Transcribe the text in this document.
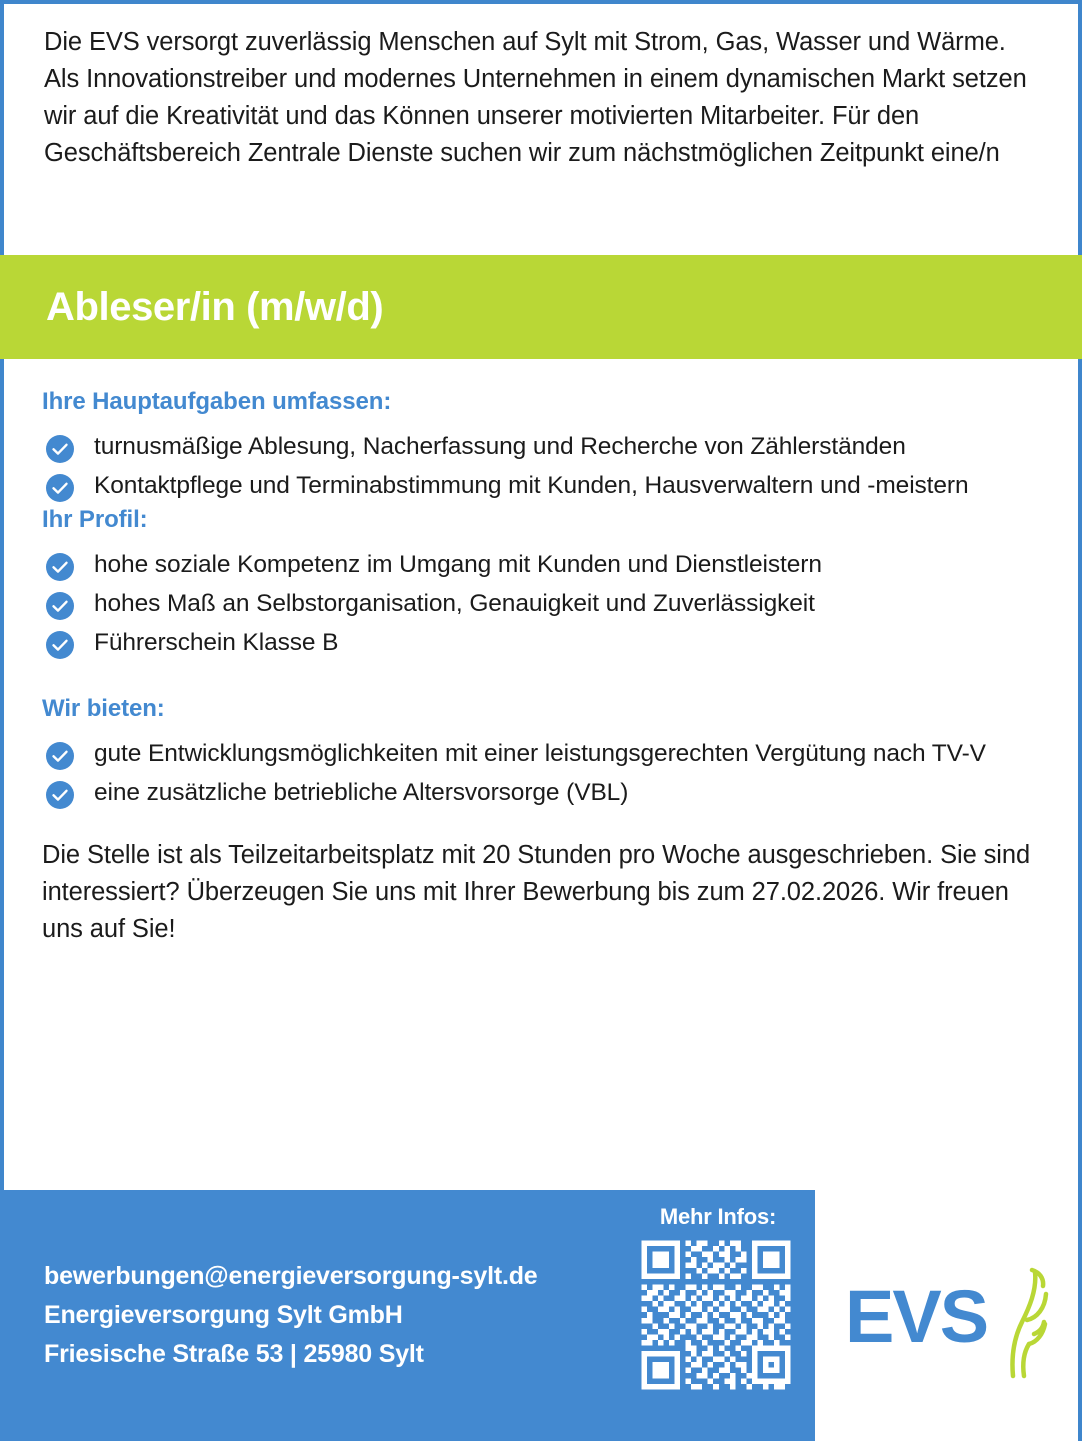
Die EVS versorgt zuverlässig Menschen auf Sylt mit Strom, Gas, Wasser und Wärme. Als Innovationstreiber und modernes Unternehmen in einem dynamischen Markt setzen wir auf die Kreativität und das Können unserer motivierten Mitarbeiter. Für den Geschäftsbereich Zentrale Dienste suchen wir zum nächstmöglichen Zeitpunkt eine/n
Ableser/in (m/w/d)
Ihre Hauptaufgaben umfassen:
turnusmäßige Ablesung, Nacherfassung und Recherche von Zählerständen
Kontaktpflege und Terminabstimmung mit Kunden, Hausverwaltern und -meistern
Ihr Profil:
hohe soziale Kompetenz im Umgang mit Kunden und Dienstleistern
hohes Maß an Selbstorganisation, Genauigkeit und Zuverlässigkeit
Führerschein Klasse B
Wir bieten:
gute Entwicklungsmöglichkeiten mit einer leistungsgerechten Vergütung nach TV-V
eine zusätzliche betriebliche Altersvorsorge (VBL)
Die Stelle ist als Teilzeitarbeitsplatz mit 20 Stunden pro Woche ausgeschrieben. Sie sind interessiert? Überzeugen Sie uns mit Ihrer Bewerbung bis zum 27.02.2026. Wir freuen uns auf Sie!
bewerbungen@energieversorgung-sylt.de
Energieversorgung Sylt GmbH
Friesische Straße 53 | 25980 Sylt
Mehr Infos:
EVS
